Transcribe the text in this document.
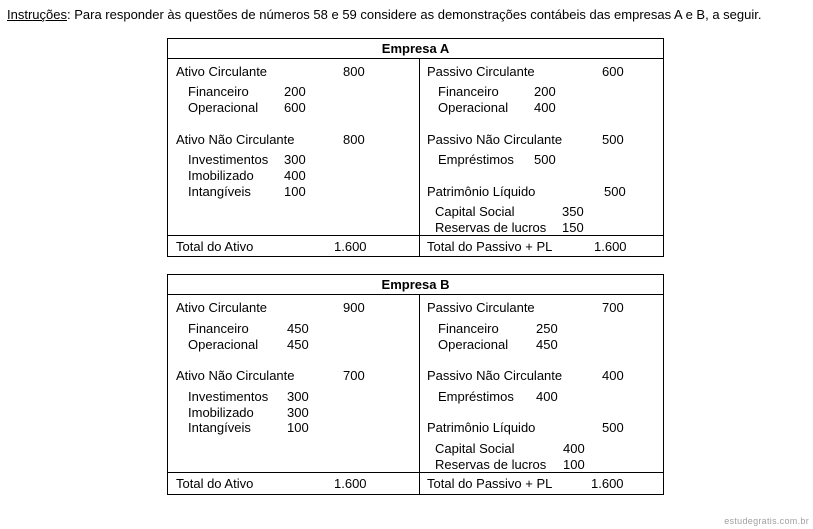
Instruções: Para responder às questões de números 58 e 59 considere as demonstrações contábeis das empresas A e B, a seguir.
Empresa A
Ativo Circulante	800
Financeiro	200
Operacional 600
Ativo Não Circulante	800
Investimentos 300
Imobilizado 400
Intangíveis	100
Passivo Circulante	600
Financeiro	200
Operacional 400
Passivo Não Circulante	500
Empréstimos 500
Patrimônio Líquido	500
Capital Social	350
Reservas de lucros 150
Total do Ativo	1.600	Total do Passivo + PL	1.600
Empresa B
Ativo Circulante	900
Financeiro	450
Operacional 450
Ativo Não Circulante	700
Investimentos 300
Imobilizado	300
Intangíveis	100
Passivo Circulante	700
Financeiro	250
Operacional 450
Passivo Não Circulante	400
Empréstimos 400
Patrimônio Líquido	500
Capital Social	400
Reservas de lucros 100
Total do Ativo	1.600	Total do Passivo + PL	1.600
estudegratis.com.br
